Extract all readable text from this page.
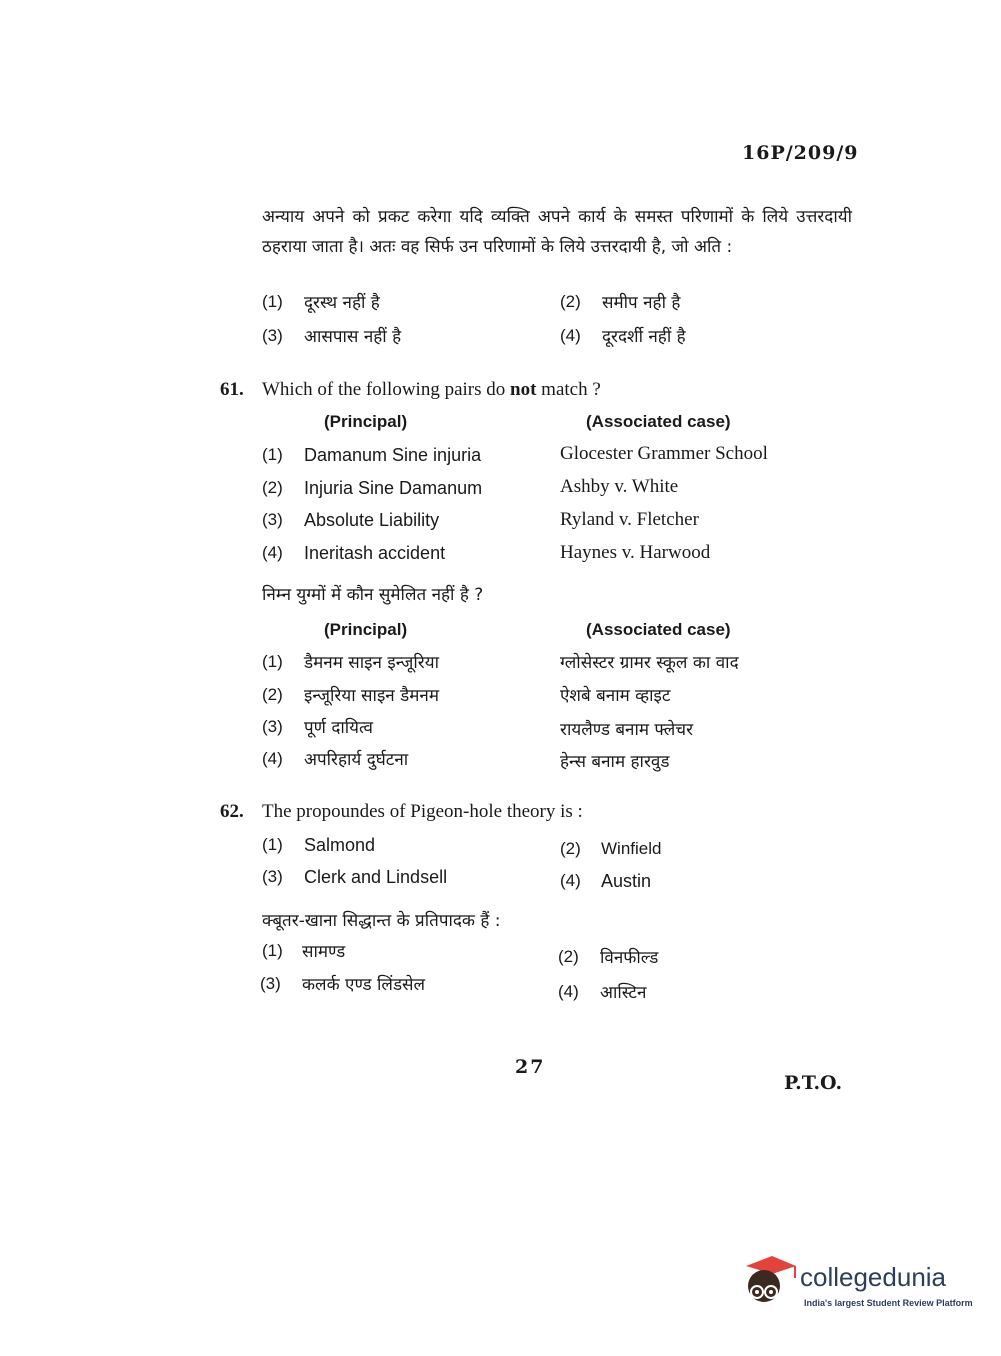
16P/209/9
अन्याय अपने को प्रकट करेगा यदि व्यक्ति अपने कार्य के समस्त परिणामों के लिये उत्तरदायी ठहराया जाता है। अतः वह सिर्फ उन परिणामों के लिये उत्तरदायी है, जो अति :
(1) दूरस्थ नहीं है	(2) समीप नही है
(3) आसपास नहीं है	(4) दूरदर्शी नहीं है
61. Which of the following pairs do not match ?
(Principal)	(Associated case)
(1) Damanum Sine injuria	Glocester Grammer School
(2) Injuria Sine Damanum	Ashby v. White
(3) Absolute Liability	Ryland v. Fletcher
(4) Ineritash accident	Haynes v. Harwood
निम्न युग्मों में कौन सुमेलित नहीं है ?
(Principal)	(Associated case)
(1) डैमनम साइन इन्जूरिया	ग्लोसेस्टर ग्रामर स्कूल का वाद
(2) इन्जूरिया साइन डैमनम	ऐशबे बनाम व्हाइट
(3) पूर्ण दायित्व	रायलैण्ड बनाम फ्लेचर
(4) अपरिहार्य दुर्घटना	हेन्स बनाम हारवुड
62. The propoundes of Pigeon-hole theory is :
(1) Salmond	(2) Winfield
(3) Clerk and Lindsell	(4) Austin
क्बूतर-खाना सिद्धान्त के प्रतिपादक हैं :
(1) सामण्ड	(2) विनफील्ड
(3) कलर्क एण्ड लिंडसेल	(4) आस्टिन
27
P.T.O.
collegedunia
India's largest Student Review Platform
